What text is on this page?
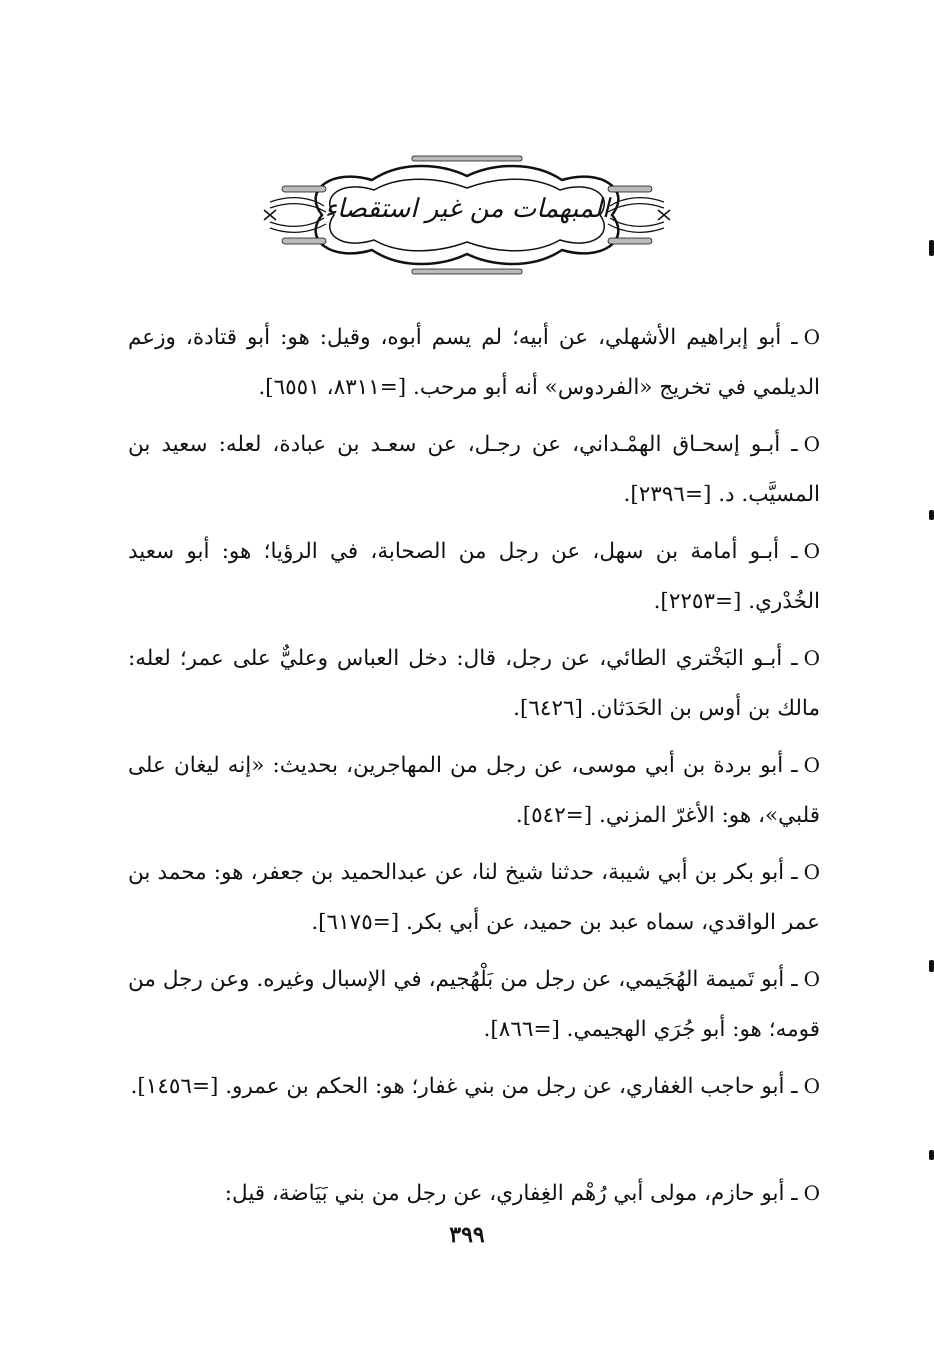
المبهمات من غير استقصاء

Oـ أبو إبراهيم الأشهلي، عن أبيه؛ لم يسم أبوه، وقيل: هو: أبو قتادة، وزعم الديلمي في تخريج «الفردوس» أنه أبو مرحب. [=٨٣١١، ٦٥٥١].

Oـ أبـو إسحـاق الهمْـداني، عن رجـل، عن سعـد بن عبادة، لعله: سعيد بن المسيَّب. د. [=٢٣٩٦].

Oـ أبـو أمامة بن سهل، عن رجل من الصحابة، في الرؤيا؛ هو: أبو سعيد الخُدْري. [=٢٢٥٣].

Oـ أبـو البَخْتري الطائي، عن رجل، قال: دخل العباس وعليٌّ على عمر؛ لعله: مالك بن أوس بن الحَدَثان. [٦٤٢٦].

Oـ أبو بردة بن أبي موسى، عن رجل من المهاجرين، بحديث: «إنه ليغان على قلبي»، هو: الأغرّ المزني. [=٥٤٢].

Oـ أبو بكر بن أبي شيبة، حدثنا شيخ لنا، عن عبدالحميد بن جعفر، هو: محمد بن عمر الواقدي، سماه عبد بن حميد، عن أبي بكر. [=٦١٧٥].

Oـ أبو تَميمة الهُجَيمي، عن رجل من بَلْهُجيم، في الإسبال وغيره. وعن رجل من قومه؛ هو: أبو جُرَي الهجيمي. [=٨٦٦].

Oـ أبو حاجب الغفاري، عن رجل من بني غفار؛ هو: الحكم بن عمرو. [=١٤٥٦].

Oـ أبو حازم، مولى أبي رُهْم الغِفاري، عن رجل من بني بَيَاضة، قيل:

٣٩٩
